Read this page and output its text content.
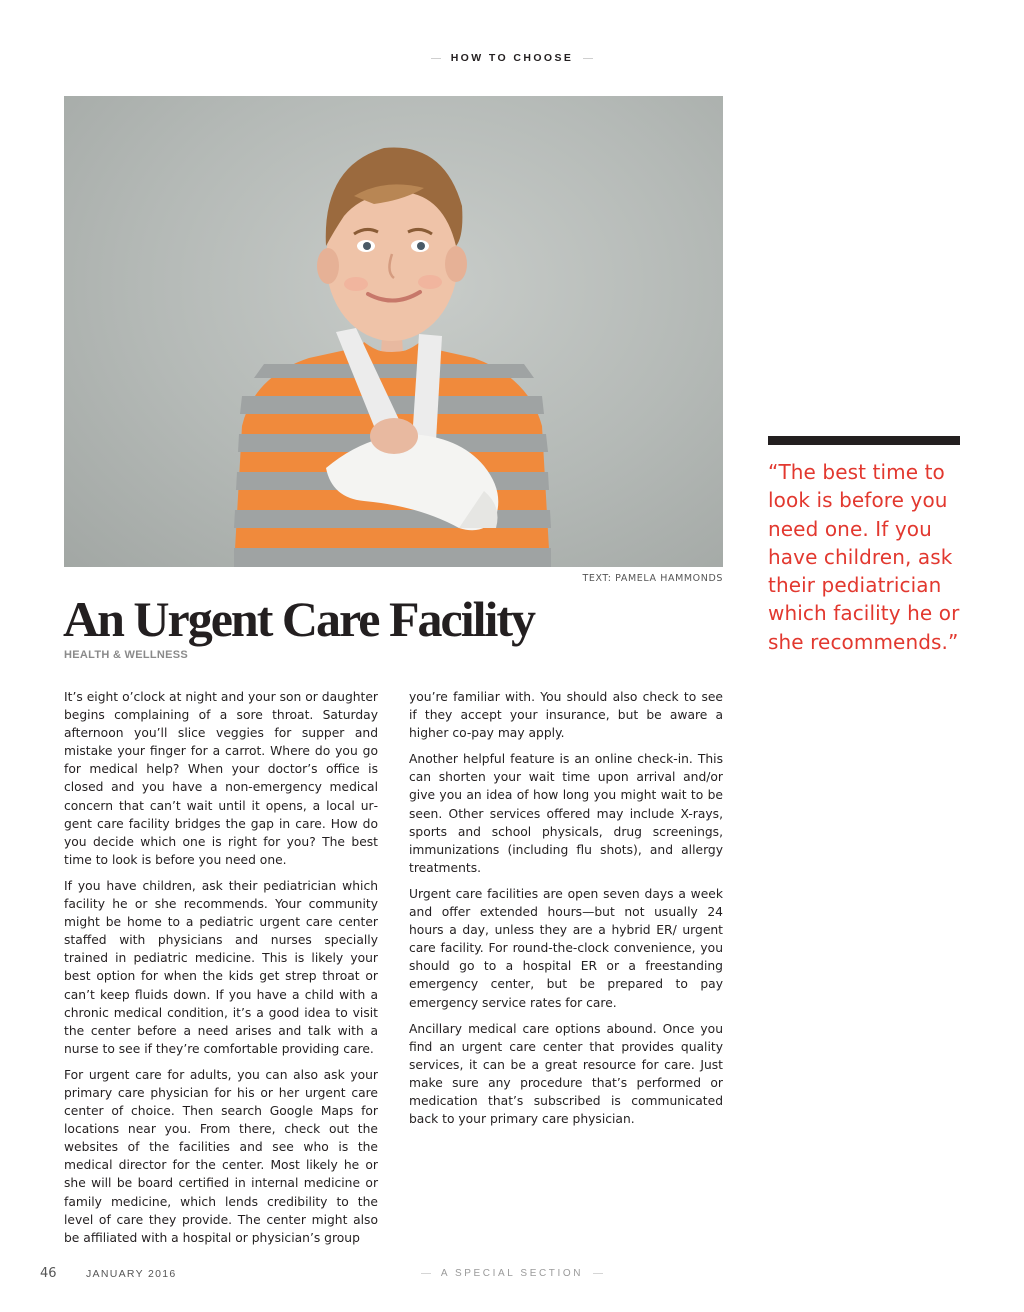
HOW TO CHOOSE
TEXT: PAMELA HAMMONDS
An Urgent Care Facility
HEALTH & WELLNESS

It’s eight o’clock at night and your son or daughter begins complaining of a sore throat. Saturday afternoon you’ll slice veggies for supper and mistake your finger for a carrot. Where do you go for medical help? When your doctor’s office is closed and you have a non-emergency medical concern that can’t wait until it opens, a local urgent care facility bridges the gap in care. How do you decide which one is right for you? The best time to look is before you need one.

If you have children, ask their pediatrician which facility he or she recommends. Your community might be home to a pediatric urgent care center staffed with physicians and nurses specially trained in pediatric medicine. This is likely your best option for when the kids get strep throat or can’t keep fluids down. If you have a child with a chronic medical condition, it’s a good idea to visit the center before a need arises and talk with a nurse to see if they’re comfortable providing care.

For urgent care for adults, you can also ask your primary care physician for his or her urgent care center of choice. Then search Google Maps for locations near you. From there, check out the websites of the facilities and see who is the medical director for the center. Most likely he or she will be board certified in internal medicine or family medicine, which lends credibility to the level of care they provide. The center might also be affiliated with a hospital or physician’s group

you’re familiar with. You should also check to see if they accept your insurance, but be aware a higher co-pay may apply.

Another helpful feature is an online check-in. This can shorten your wait time upon arrival and/or give you an idea of how long you might wait to be seen. Other services offered may include X-rays, sports and school physicals, drug screenings, immunizations (including flu shots), and allergy treatments.

Urgent care facilities are open seven days a week and offer extended hours—but not usually 24 hours a day, unless they are a hybrid ER/ urgent care facility. For round-the-clock convenience, you should go to a hospital ER or a freestanding emergency center, but be prepared to pay emergency service rates for care.

Ancillary medical care options abound. Once you find an urgent care center that provides quality services, it can be a great resource for care. Just make sure any procedure that’s performed or medication that’s subscribed is communicated back to your primary care physician.

“The best time to look is before you need one. If you have children, ask their pediatrician which facility he or she recommends.”
46	JANUARY 2016	A SPECIAL SECTION
